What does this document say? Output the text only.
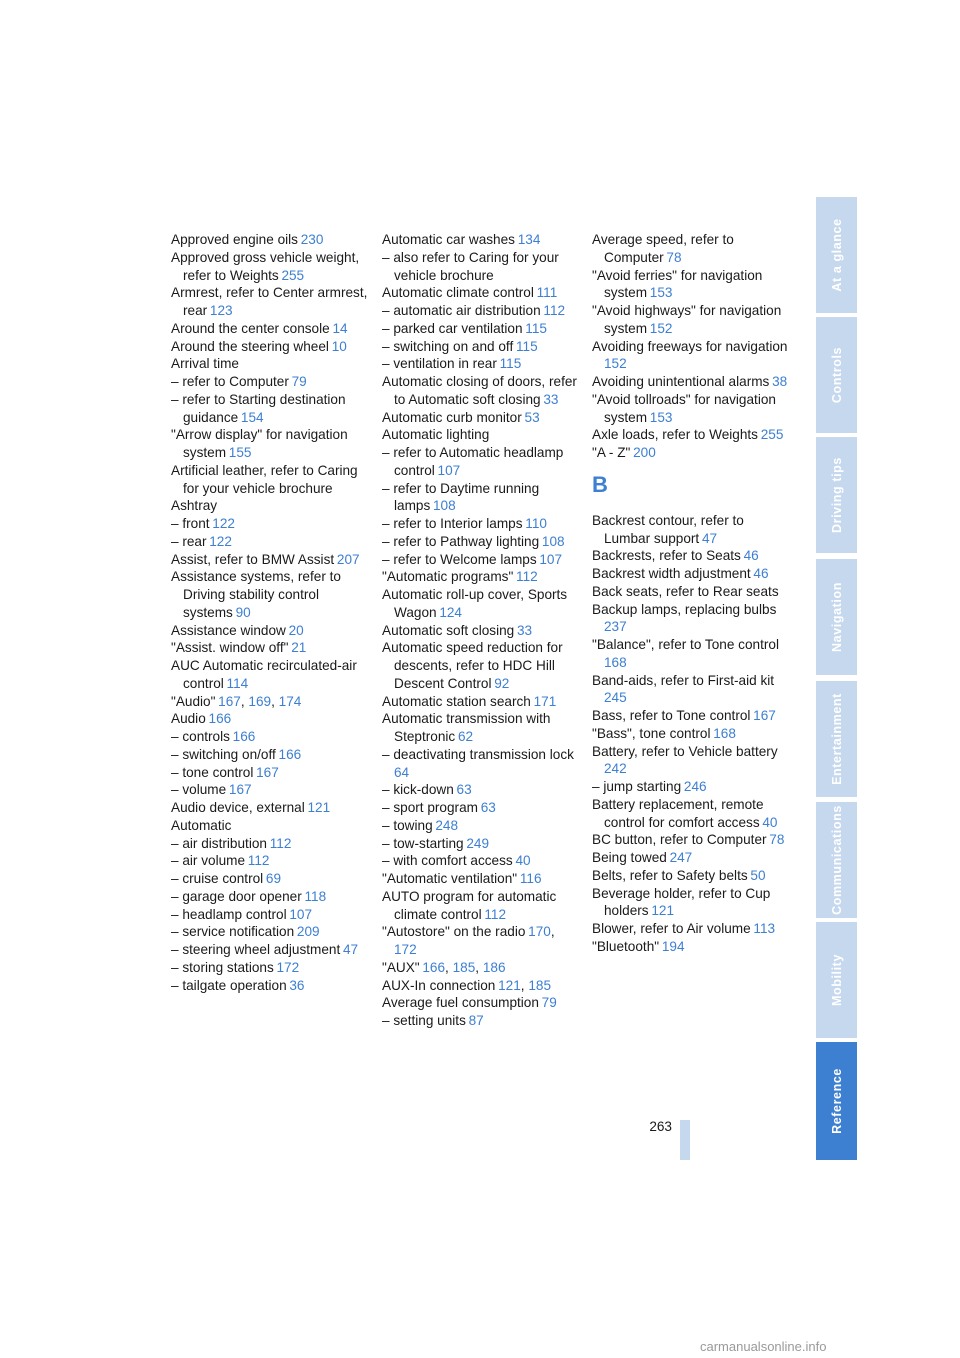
Approved engine oils  230
Approved gross vehicle weight, refer to Weights  255
Armrest, refer to Center armrest, rear  123
Around the center console  14
Around the steering wheel  10
Arrival time
– refer to Computer  79
– refer to Starting destination guidance  154
"Arrow display" for navigation system  155
Artificial leather, refer to Caring for your vehicle brochure
Ashtray
– front  122
– rear  122
Assist, refer to BMW Assist  207
Assistance systems, refer to Driving stability control systems  90
Assistance window  20
"Assist. window off"  21
AUC Automatic recirculated-air control  114
"Audio"  167, 169, 174
Audio  166
– controls  166
– switching on/off  166
– tone control  167
– volume  167
Audio device, external  121
Automatic
– air distribution  112
– air volume  112
– cruise control  69
– garage door opener  118
– headlamp control  107
– service notification  209
– steering wheel adjustment  47
– storing stations  172
– tailgate operation  36
Automatic car washes  134
– also refer to Caring for your vehicle brochure
Automatic climate control  111
– automatic air distribution  112
– parked car ventilation  115
– switching on and off  115
– ventilation in rear  115
Automatic closing of doors, refer to Automatic soft closing  33
Automatic curb monitor  53
Automatic lighting
– refer to Automatic headlamp control  107
– refer to Daytime running lamps  108
– refer to Interior lamps  110
– refer to Pathway lighting  108
– refer to Welcome lamps  107
"Automatic programs"  112
Automatic roll-up cover, Sports Wagon  124
Automatic soft closing  33
Automatic speed reduction for descents, refer to HDC Hill Descent Control  92
Automatic station search  171
Automatic transmission with Steptronic  62
– deactivating transmission lock 64
– kick-down  63
– sport program  63
– towing  248
– tow-starting  249
– with comfort access  40
"Automatic ventilation"  116
AUTO program for automatic climate control  112
"Autostore" on the radio  170, 172
"AUX"  166, 185, 186
AUX-In connection  121, 185
Average fuel consumption  79
– setting units  87
Average speed, refer to Computer  78
"Avoid ferries" for navigation system  153
"Avoid highways" for navigation system  152
Avoiding freeways for navigation 152
Avoiding unintentional alarms  38
"Avoid tollroads" for navigation system  153
Axle loads, refer to Weights  255
"A - Z"  200
B
Backrest contour, refer to Lumbar support  47
Backrests, refer to Seats  46
Backrest width adjustment  46
Back seats, refer to Rear seats
Backup lamps, replacing bulbs 237
"Balance", refer to Tone control 168
Band-aids, refer to First-aid kit 245
Bass, refer to Tone control  167
"Bass", tone control  168
Battery, refer to Vehicle battery 242
– jump starting  246
Battery replacement, remote control for comfort access  40
BC button, refer to Computer  78
Being towed  247
Belts, refer to Safety belts  50
Beverage holder, refer to Cup holders  121
Blower, refer to Air volume  113
"Bluetooth"  194
At a glance
Controls
Driving tips
Navigation
Entertainment
Communications
Mobility
Reference
263
carmanualsonline.info
